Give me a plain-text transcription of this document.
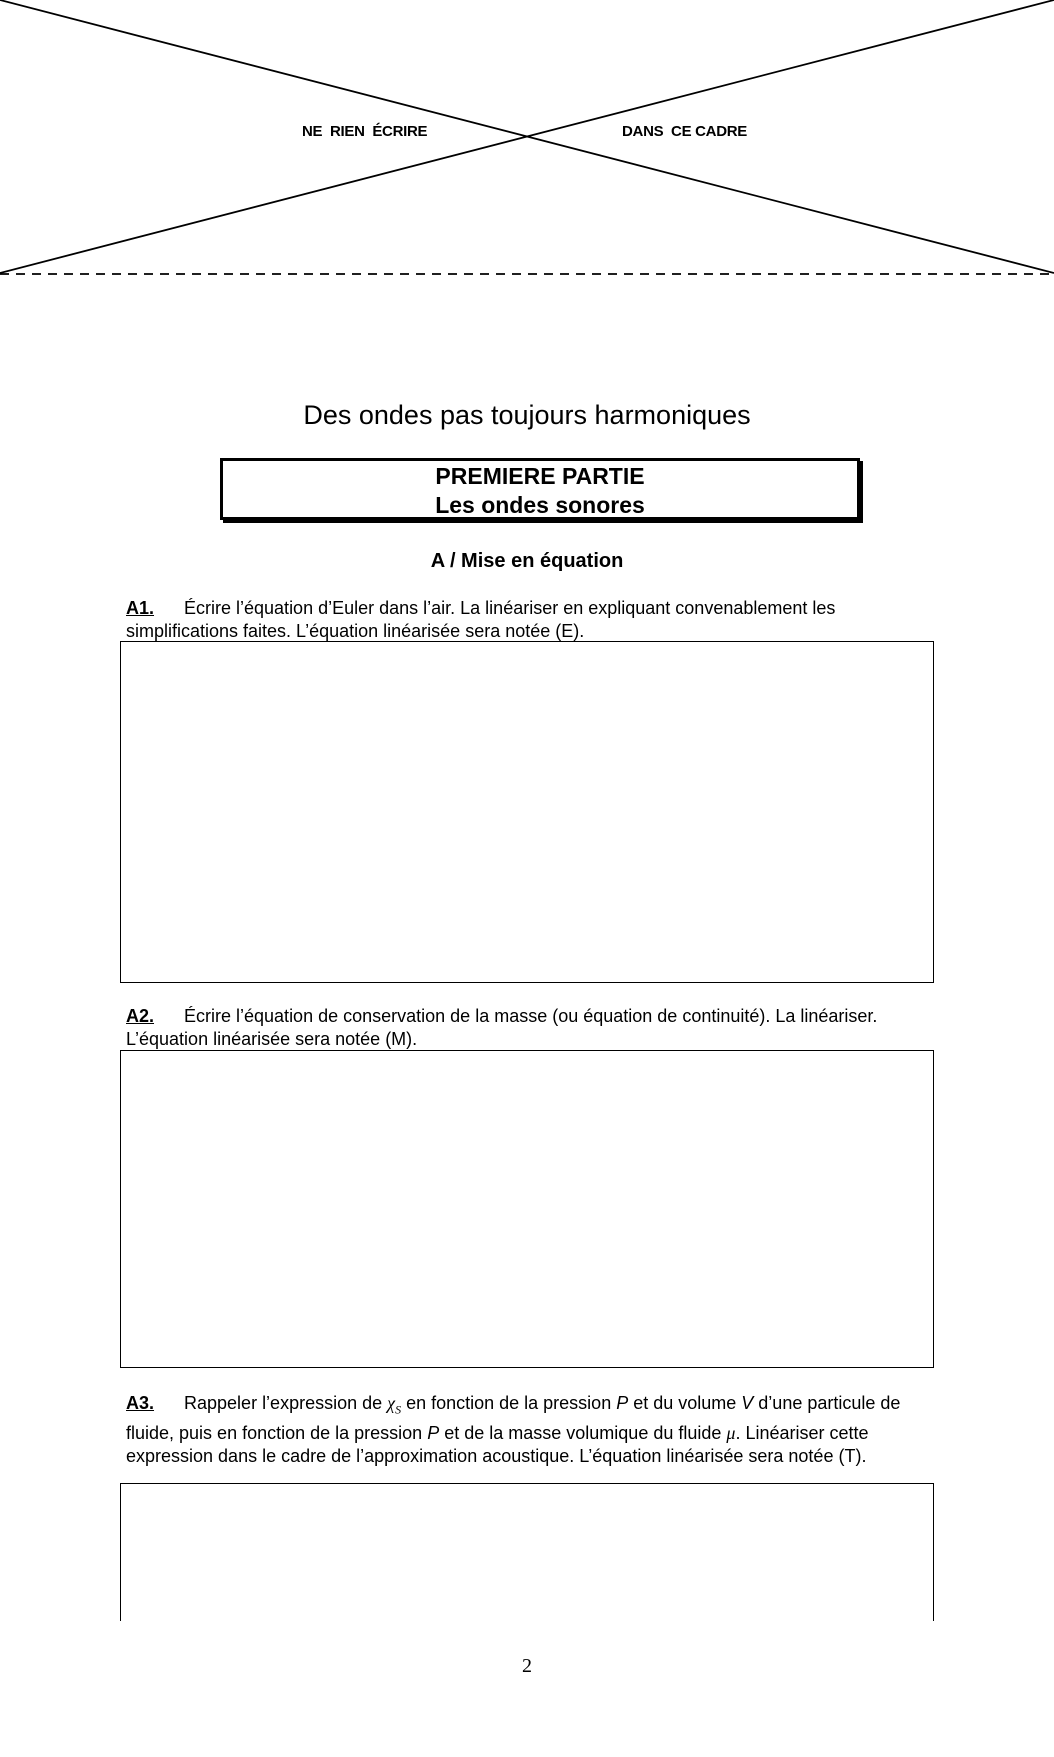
NE  RIEN  ÉCRIRE	DANS  CE CADRE
Des ondes pas toujours harmoniques
PREMIERE PARTIE
Les ondes sonores
A / Mise en équation
A1. Écrire l’équation d’Euler dans l’air. La linéariser en expliquant convenablement les simplifications faites. L’équation linéarisée sera notée (E).
A2. Écrire l’équation de conservation de la masse (ou équation de continuité). La linéariser. L’équation linéarisée sera notée (M).
A3. Rappeler l’expression de $\chi_S$ en fonction de la pression P et du volume V d’une particule de fluide, puis en fonction de la pression P et de la masse volumique du fluide μ. Linéariser cette expression dans le cadre de l’approximation acoustique. L’équation linéarisée sera notée (T).
2
